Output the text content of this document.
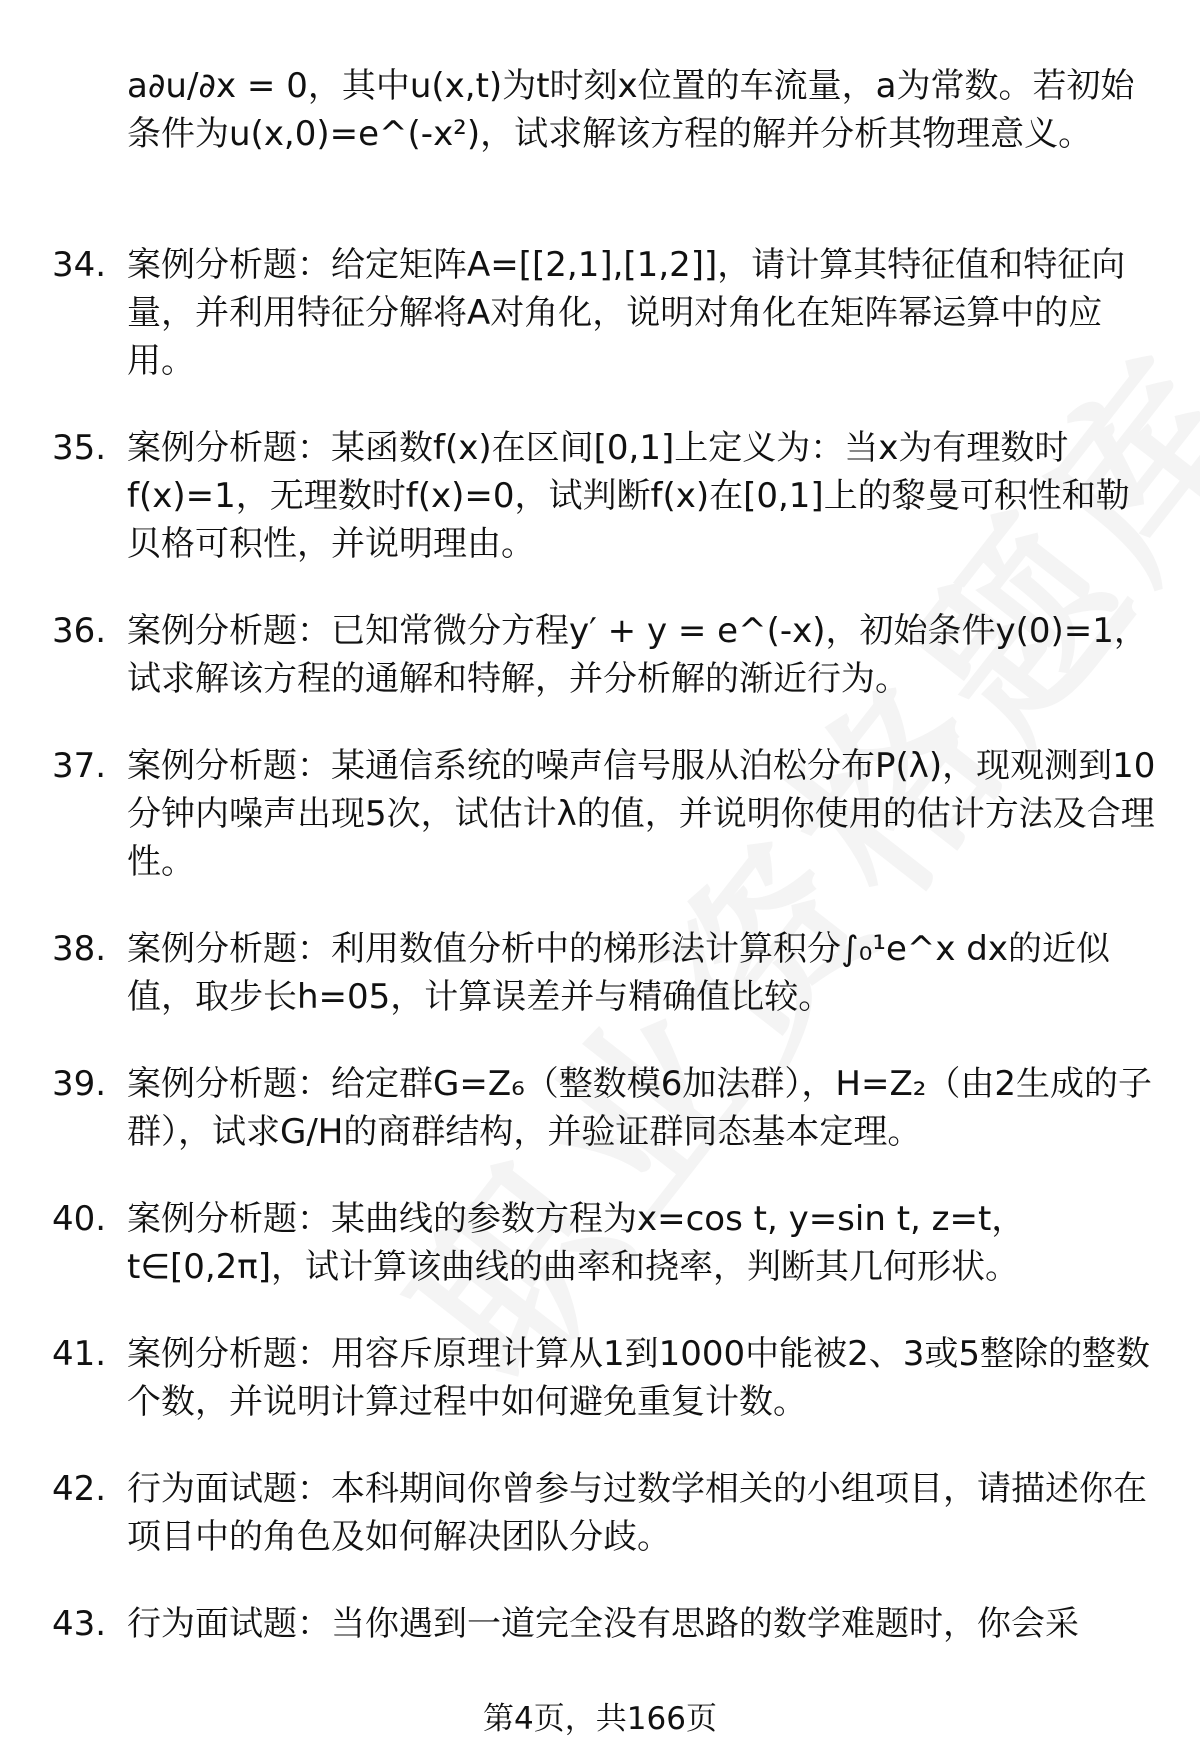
a∂u/∂x = 0，其中u(x,t)为t时刻x位置的车流量，a为常数。若初始条件为u(x,0)=e^(-x²)，试求解该方程的解并分析其物理意义。
34. 案例分析题：给定矩阵A=[[2,1],[1,2]]，请计算其特征值和特征向量，并利用特征分解将A对角化，说明对角化在矩阵幂运算中的应用。
35. 案例分析题：某函数f(x)在区间[0,1]上定义为：当x为有理数时f(x)=1，无理数时f(x)=0，试判断f(x)在[0,1]上的黎曼可积性和勒贝格可积性，并说明理由。
36. 案例分析题：已知常微分方程y′ + y = e^(-x)，初始条件y(0)=1，试求解该方程的通解和特解，并分析解的渐近行为。
37. 案例分析题：某通信系统的噪声信号服从泊松分布P(λ)，现观测到10分钟内噪声出现5次，试估计λ的值，并说明你使用的估计方法及合理性。
38. 案例分析题：利用数值分析中的梯形法计算积分∫₀¹e^x dx的近似值，取步长h=05，计算误差并与精确值比较。
39. 案例分析题：给定群G=Z₆（整数模6加法群），H=Z₂（由2生成的子群），试求G/H的商群结构，并验证群同态基本定理。
40. 案例分析题：某曲线的参数方程为x=cos t, y=sin t, z=t，t∈[0,2π]，试计算该曲线的曲率和挠率，判断其几何形状。
41. 案例分析题：用容斥原理计算从1到1000中能被2、3或5整除的整数个数，并说明计算过程中如何避免重复计数。
42. 行为面试题：本科期间你曾参与过数学相关的小组项目，请描述你在项目中的角色及如何解决团队分歧。
43. 行为面试题：当你遇到一道完全没有思路的数学难题时，你会采
第4页，共166页
